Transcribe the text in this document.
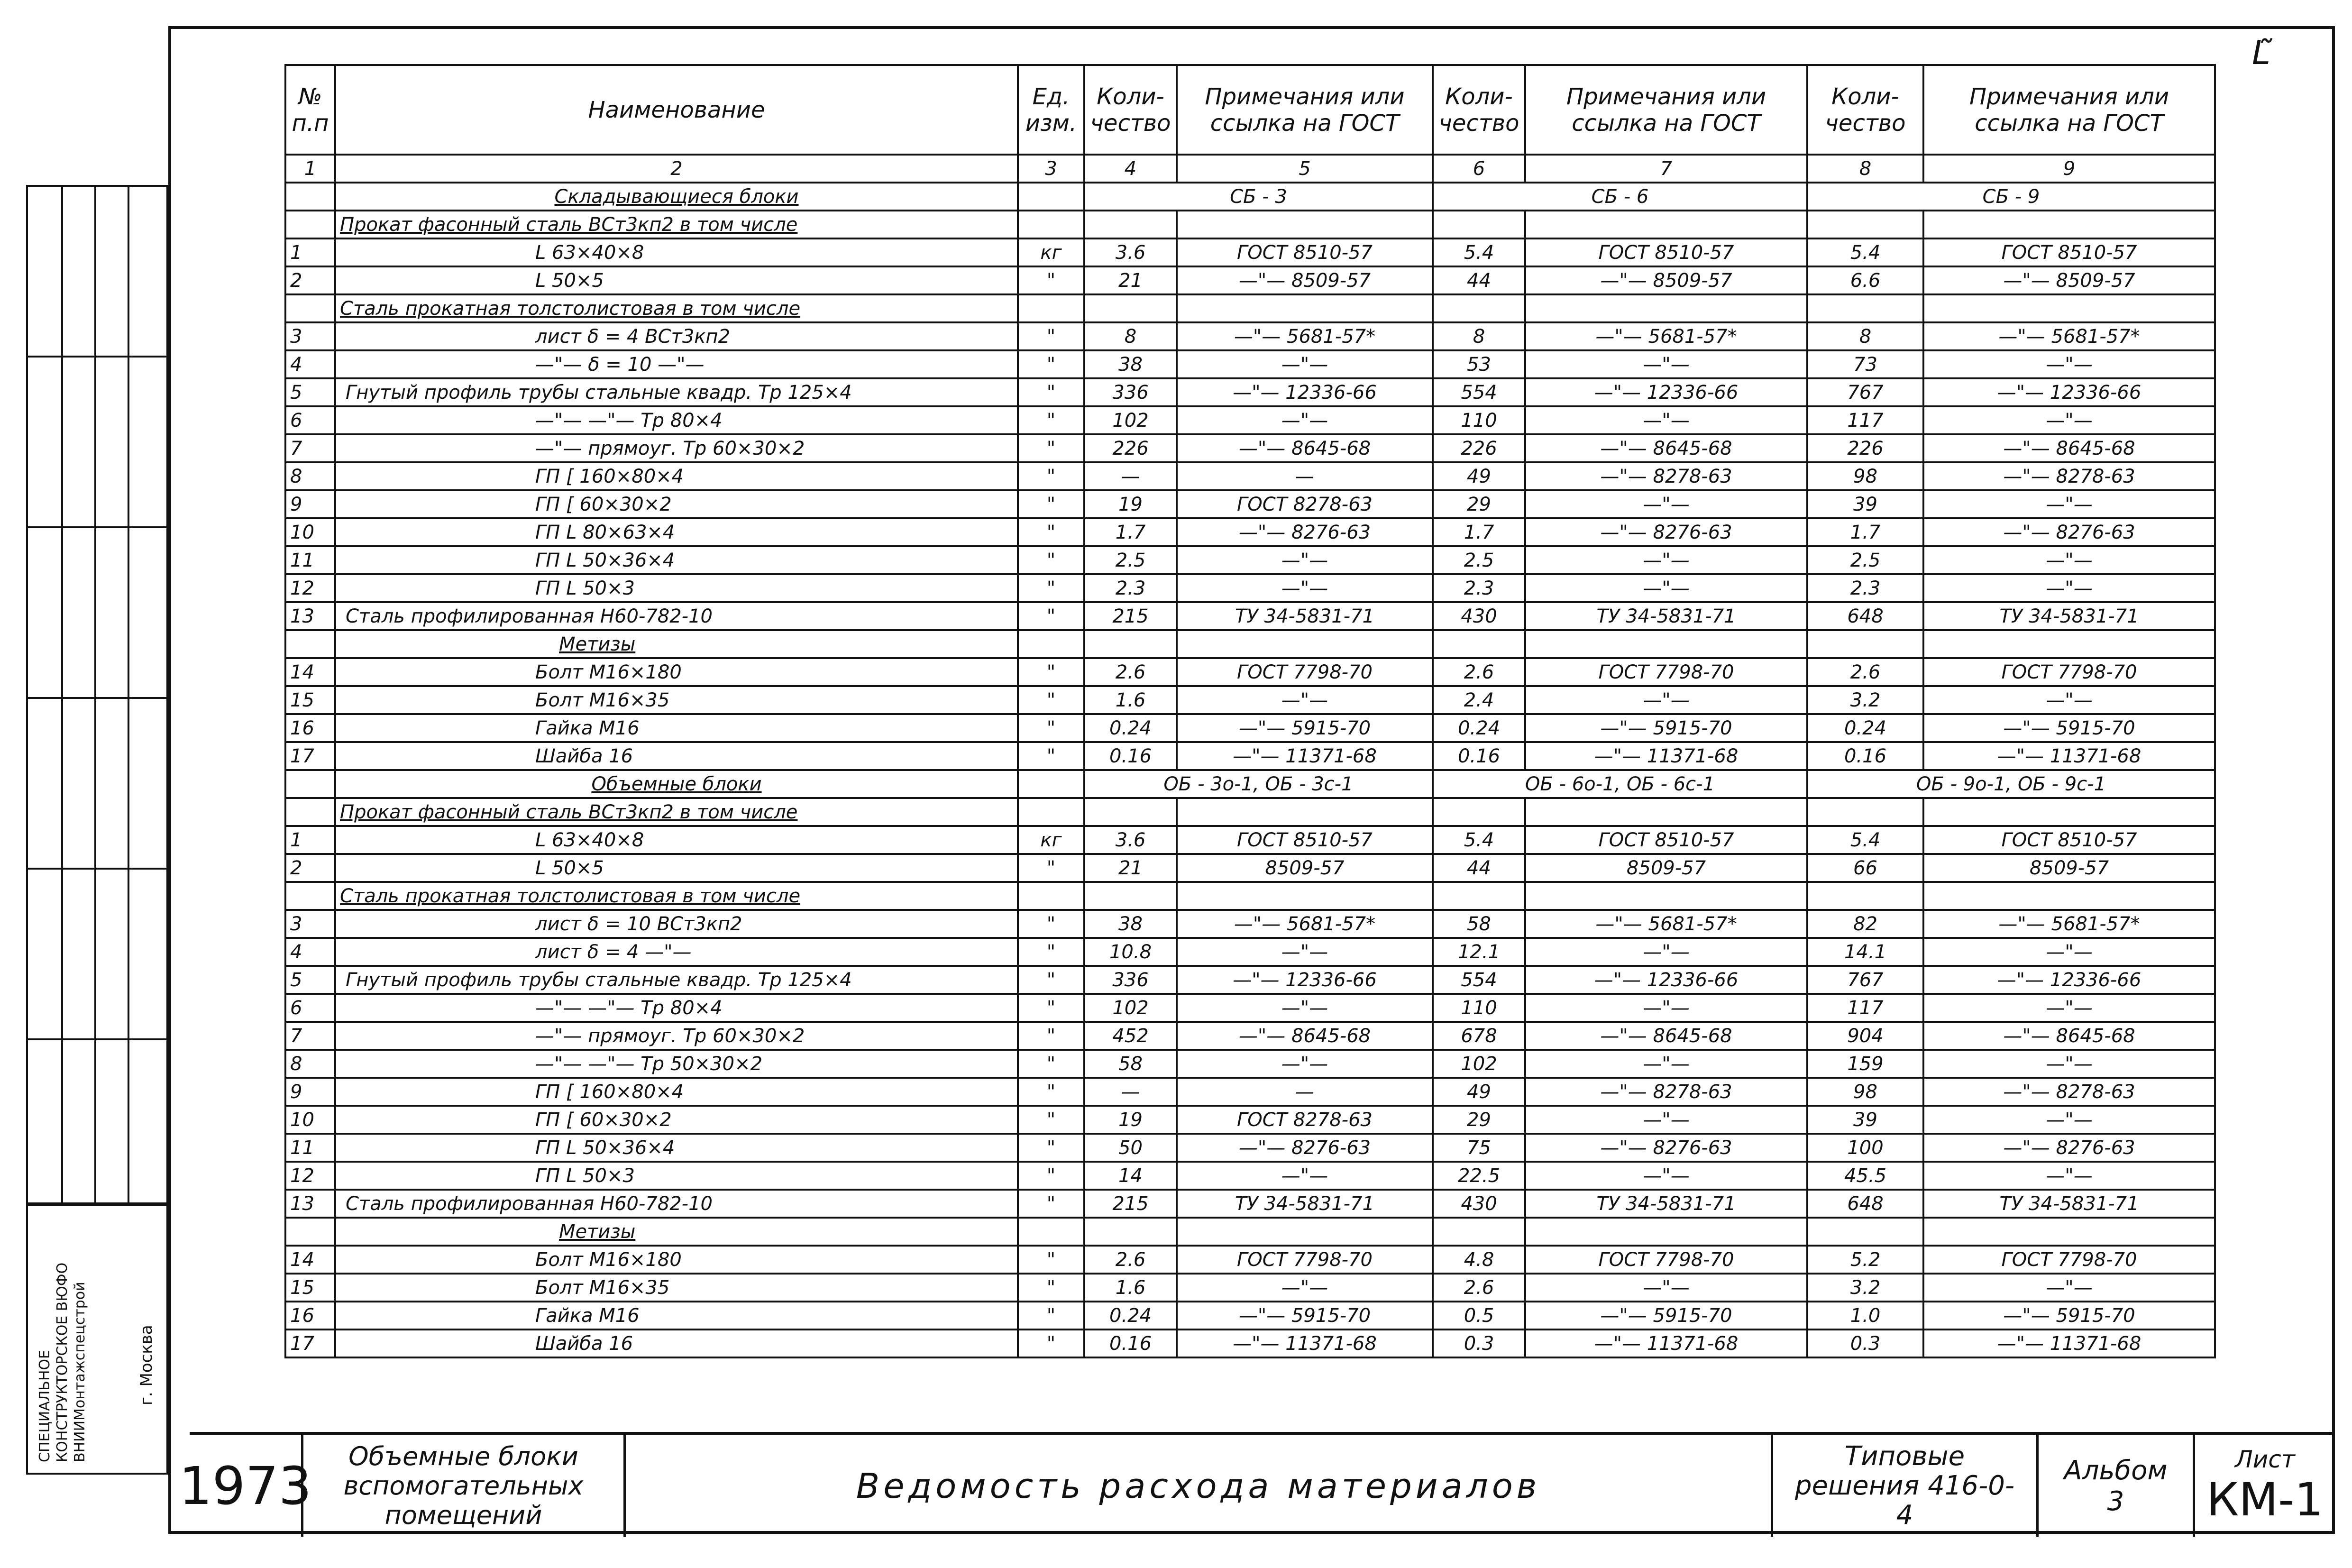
СПЕЦИАЛЬНОЕ КОНСТРУКТОРСКОЕ ВЮФО ВНИИМонтажспецстрой	г. Москва
ᒪ̃
№ п.п	Наименование	Ед. изм.	Коли-чество	Примечания или ссылка на ГОСТ	Коли-чество	Примечания или ссылка на ГОСТ	Коли-чество	Примечания или ссылка на ГОСТ
1	2	3	4	5	6	7	8	9
	Складывающиеся блоки		СБ - 3		СБ - 6		СБ - 9	
	Прокат фасонный сталь ВСт3кп2 в том числе							
1	L 63×40×8	кг	3.6	ГОСТ 8510-57	5.4	ГОСТ 8510-57	5.4	ГОСТ 8510-57
2	L 50×5	"	21	—"— 8509-57	44	—"— 8509-57	6.6	—"— 8509-57
	Сталь прокатная толстолистовая в том числе							
3	лист δ = 4 ВСт3кп2	"	8	—"— 5681-57*	8	—"— 5681-57*	8	—"— 5681-57*
4	—"— δ = 10 —"—	"	38	—"—	53	—"—	73	—"—
5	Гнутый профиль трубы стальные квадр. Тр 125×4	"	336	—"— 12336-66	554	—"— 12336-66	767	—"— 12336-66
6	—"— —"— Тр 80×4	"	102	—"—	110	—"—	117	—"—
7	—"— прямоуг. Тр 60×30×2	"	226	—"— 8645-68	226	—"— 8645-68	226	—"— 8645-68
8	ГП [ 160×80×4	"	—	—	49	—"— 8278-63	98	—"— 8278-63
9	ГП [ 60×30×2	"	19	ГОСТ 8278-63	29	—"—	39	—"—
10	ГП L 80×63×4	"	1.7	—"— 8276-63	1.7	—"— 8276-63	1.7	—"— 8276-63
11	ГП L 50×36×4	"	2.5	—"—	2.5	—"—	2.5	—"—
12	ГП L 50×3	"	2.3	—"—	2.3	—"—	2.3	—"—
13	Сталь профилированная Н60-782-10	"	215	ТУ 34-5831-71	430	ТУ 34-5831-71	648	ТУ 34-5831-71
	Метизы							
14	Болт М16×180	"	2.6	ГОСТ 7798-70	2.6	ГОСТ 7798-70	2.6	ГОСТ 7798-70
15	Болт М16×35	"	1.6	—"—	2.4	—"—	3.2	—"—
16	Гайка М16	"	0.24	—"— 5915-70	0.24	—"— 5915-70	0.24	—"— 5915-70
17	Шайба 16	"	0.16	—"— 11371-68	0.16	—"— 11371-68	0.16	—"— 11371-68
	Объемные блоки		ОБ - 3о-1, ОБ - 3с-1		ОБ - 6о-1, ОБ - 6с-1		ОБ - 9о-1, ОБ - 9с-1	
	Прокат фасонный сталь ВСт3кп2 в том числе							
1	L 63×40×8	кг	3.6	ГОСТ 8510-57	5.4	ГОСТ 8510-57	5.4	ГОСТ 8510-57
2	L 50×5	"	21	8509-57	44	8509-57	66	8509-57
	Сталь прокатная толстолистовая в том числе							
3	лист δ = 10 ВСт3кп2	"	38	—"— 5681-57*	58	—"— 5681-57*	82	—"— 5681-57*
4	лист δ = 4 —"—	"	10.8	—"—	12.1	—"—	14.1	—"—
5	Гнутый профиль трубы стальные квадр. Тр 125×4	"	336	—"— 12336-66	554	—"— 12336-66	767	—"— 12336-66
6	—"— —"— Тр 80×4	"	102	—"—	110	—"—	117	—"—
7	—"— прямоуг. Тр 60×30×2	"	452	—"— 8645-68	678	—"— 8645-68	904	—"— 8645-68
8	—"— —"— Тр 50×30×2	"	58	—"—	102	—"—	159	—"—
9	ГП [ 160×80×4	"	—	—	49	—"— 8278-63	98	—"— 8278-63
10	ГП [ 60×30×2	"	19	ГОСТ 8278-63	29	—"—	39	—"—
11	ГП L 50×36×4	"	50	—"— 8276-63	75	—"— 8276-63	100	—"— 8276-63
12	ГП L 50×3	"	14	—"—	22.5	—"—	45.5	—"—
13	Сталь профилированная Н60-782-10	"	215	ТУ 34-5831-71	430	ТУ 34-5831-71	648	ТУ 34-5831-71
	Метизы							
14	Болт М16×180	"	2.6	ГОСТ 7798-70	4.8	ГОСТ 7798-70	5.2	ГОСТ 7798-70
15	Болт М16×35	"	1.6	—"—	2.6	—"—	3.2	—"—
16	Гайка М16	"	0.24	—"— 5915-70	0.5	—"— 5915-70	1.0	—"— 5915-70
17	Шайба 16	"	0.16	—"— 11371-68	0.3	—"— 11371-68	0.3	—"— 11371-68
1973	Объемные блоки вспомогательных помещений
Ведомость расхода материалов
Типовые решения 416-0-4
Альбом
3
Лист
КМ-1
